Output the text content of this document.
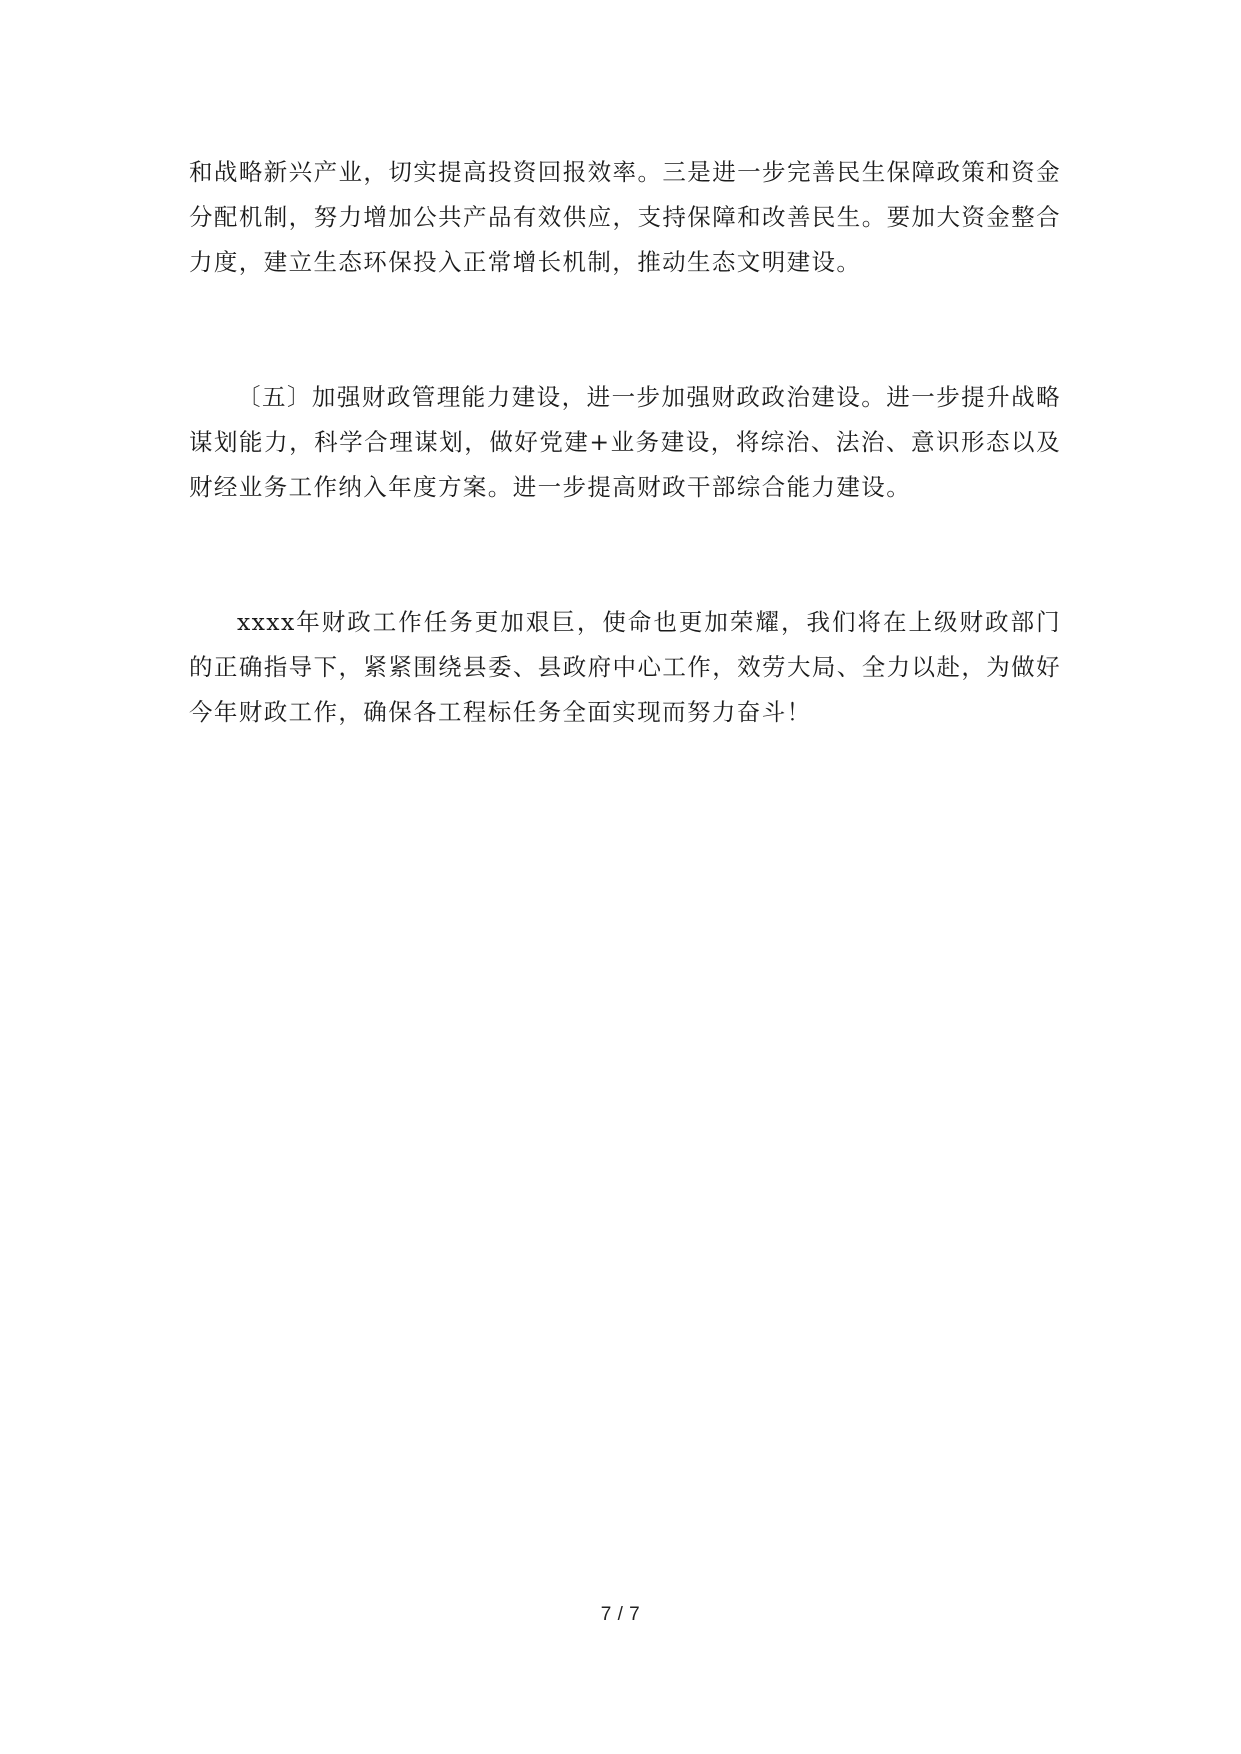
和战略新兴产业，切实提高投资回报效率。三是进一步完善民生保障政策和资金分配机制，努力增加公共产品有效供应，支持保障和改善民生。要加大资金整合力度，建立生态环保投入正常增长机制，推动生态文明建设。

〔五〕加强财政管理能力建设，进一步加强财政政治建设。进一步提升战略谋划能力，科学合理谋划，做好党建+业务建设，将综治、法治、意识形态以及财经业务工作纳入年度方案。进一步提高财政干部综合能力建设。

xxxx年财政工作任务更加艰巨，使命也更加荣耀，我们将在上级财政部门的正确指导下，紧紧围绕县委、县政府中心工作，效劳大局、全力以赴，为做好今年财政工作，确保各工程标任务全面实现而努力奋斗！

7 / 7
